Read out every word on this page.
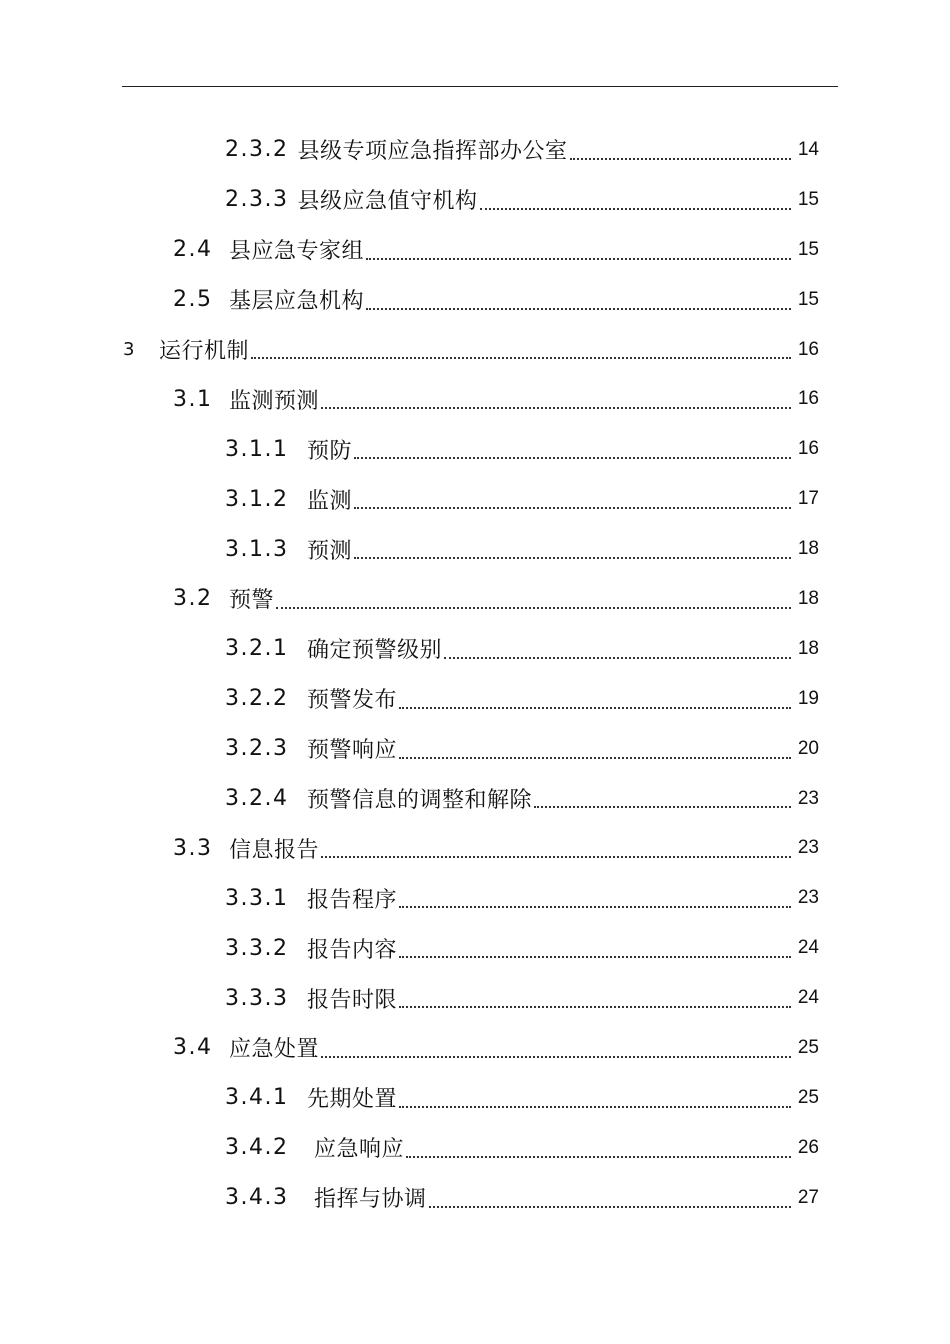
2.3.2 县级专项应急指挥部办公室	14
2.3.3 县级应急值守机构	15
2.4 县应急专家组	15
2.5 基层应急机构	15
3	运行机制	16
3.1 监测预测	16
3.1.1 预防	16
3.1.2 监测	17
3.1.3 预测	18
3.2 预警	18
3.2.1 确定预警级别	18
3.2.2 预警发布	19
3.2.3 预警响应	20
3.2.4 预警信息的调整和解除	23
3.3 信息报告	23
3.3.1 报告程序	23
3.3.2 报告内容	24
3.3.3 报告时限	24
3.4 应急处置	25
3.4.1 先期处置	25
3.4.2	应急响应	26
3.4.3	指挥与协调	27
